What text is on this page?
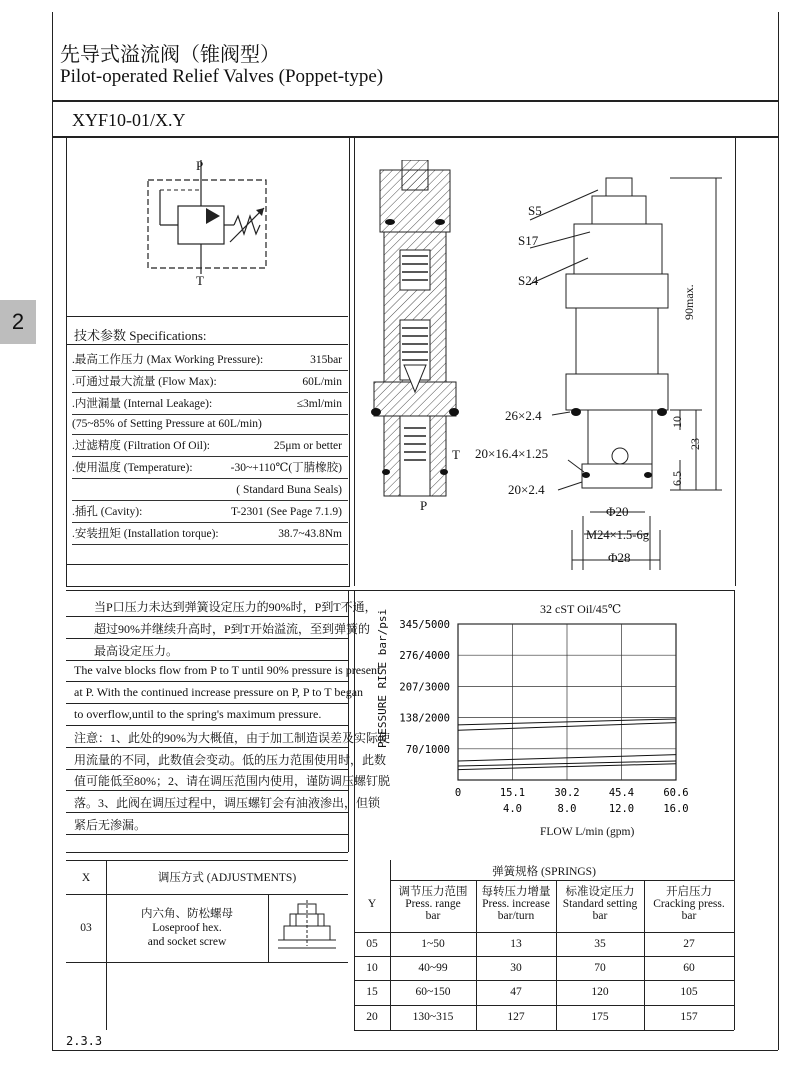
先导式溢流阀（锥阀型）
Pilot-operated Relief Valves (Poppet-type)
XYF10-01/X.Y
2
P
T
技术参数 Specifications:
.最高工作压力 (Max Working Pressure):	315bar
.可通过最大流量 (Flow Max):	60L/min
.内泄漏量 (Internal Leakage):	≤3ml/min
(75~85% of Setting Pressure at 60L/min)
.过滤精度 (Filtration Of Oil):	25μm or better
.使用温度 (Temperature):	-30~+110℃(丁腈橡胶)
( Standard Buna Seals)
.插孔 (Cavity):	T-2301 (See Page 7.1.9)
.安装扭矩 (Installation torque):	38.7~43.8Nm
T
P
S5
S17
S24
26×2.4
20×16.4×1.25
20×2.4
Φ20
M24×1.5-6g
Φ28
90max.
10
23
6.5
当P口压力未达到弹簧设定压力的90%时，P到T不通，
超过90%并继续升高时，P到T开始溢流，至到弹簧的
最高设定压力。
The valve blocks flow from P to T until 90% pressure is present
at P. With the continued increase pressure on P, P to T began
to overflow,until to the spring's maximum pressure.
注意：1、此处的90%为大概值，由于加工制造误差及实际使
用流量的不同，此数值会变动。低的压力范围使用时，此数
值可能低至80%；2、请在调压范围内使用，谨防调压螺钉脱
落。3、此阀在调压过程中，调压螺钉会有油液渗出，但锁
紧后无渗漏。
32 cST Oil/45℃
PRESSURE RISE bar/psi
FLOW L/min (gpm)
345/5000
276/4000
207/3000
138/2000
70/1000
0	15.1	30.2	45.4	60.6
4.0	8.0	12.0	16.0
X	调压方式 (ADJUSTMENTS)
03
内六角、防松螺母
Loseproof hex.
and socket screw
弹簧规格 (SPRINGS)
Y
调节压力范围
Press. range
bar
每转压力增量
Press. increase
bar/turn
标准设定压力
Standard setting
bar
开启压力
Cracking press.
bar
05	1~50	13	35	27
10	40~99	30	70	60
15	60~150	47	120	105
20	130~315	127	175	157
2.3.3
